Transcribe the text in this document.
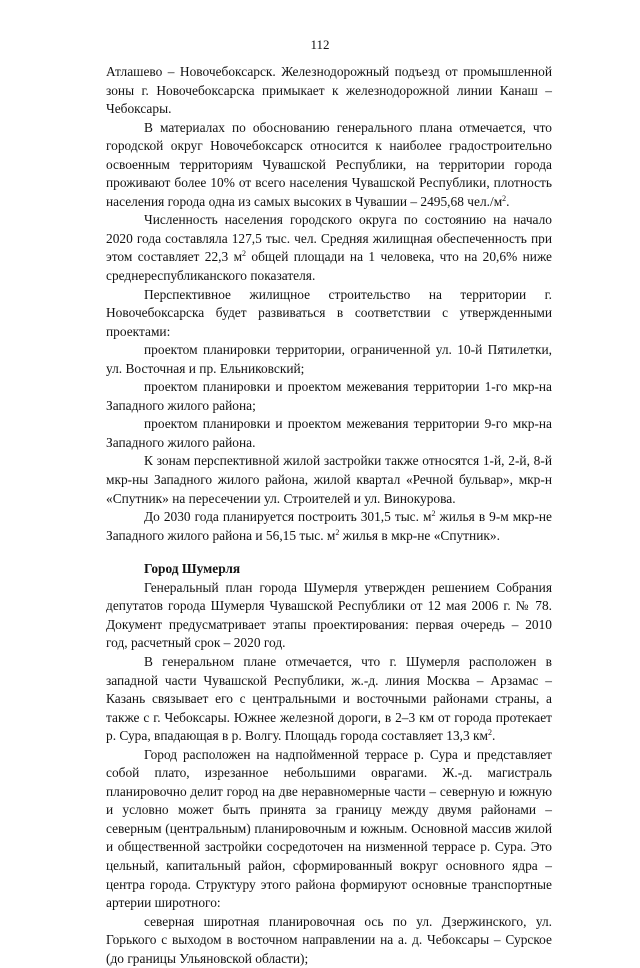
112

Атлашево – Новочебоксарск. Железнодорожный подъезд от промышленной зоны г. Новочебоксарска примыкает к железнодорожной линии Канаш – Чебоксары.

В материалах по обоснованию генерального плана отмечается, что городской округ Новочебоксарск относится к наиболее градостроительно освоенным территориям Чувашской Республики, на территории города проживают более 10% от всего населения Чувашской Республики, плотность населения города одна из самых высоких в Чувашии – 2495,68 $чел./м^2$.

Численность населения городского округа по состоянию на начало 2020 года составляла 127,5 тыс. чел. Средняя жилищная обеспеченность при этом составляет 22,3 $м^2$ общей площади на 1 человека, что на 20,6% ниже среднереспубликанского показателя.

Перспективное жилищное строительство на территории г. Новочебоксарска будет развиваться в соответствии с утвержденными проектами:

проектом планировки территории, ограниченной ул. 10-й Пятилетки, ул. Восточная и пр. Ельниковский;

проектом планировки и проектом межевания территории 1-го мкр-на Западного жилого района;

проектом планировки и проектом межевания территории 9-го мкр-на Западного жилого района.

К зонам перспективной жилой застройки также относятся 1-й, 2-й, 8-й мкр-ны Западного жилого района, жилой квартал «Речной бульвар», мкр-н «Спутник» на пересечении ул. Строителей и ул. Винокурова.

До 2030 года планируется построить 301,5 тыс. $м^2$ жилья в 9-м мкр-не Западного жилого района и 56,15 тыс. $м^2$ жилья в мкр-не «Спутник».

Город Шумерля

Генеральный план города Шумерля утвержден решением Собрания депутатов города Шумерля Чувашской Республики от 12 мая 2006 г. № 78. Документ предусматривает этапы проектирования: первая очередь – 2010 год, расчетный срок – 2020 год.

В генеральном плане отмечается, что г. Шумерля расположен в западной части Чувашской Республики, ж.-д. линия Москва – Арзамас – Казань связывает его с центральными и восточными районами страны, а также с г. Чебоксары. Южнее железной дороги, в 2–3 км от города протекает р. Сура, впадающая в р. Волгу. Площадь города составляет 13,3 $км^2$.

Город расположен на надпойменной террасе р. Сура и представляет собой плато, изрезанное небольшими оврагами. Ж.-д. магистраль планировочно делит город на две неравномерные части – северную и южную и условно может быть принята за границу между двумя районами – северным (центральным) планировочным и южным. Основной массив жилой и общественной застройки сосредоточен на низменной террасе р. Сура. Это цельный, капитальный район, сформированный вокруг основного ядра – центра города. Структуру этого района формируют основные транспортные артерии широтного:

северная широтная планировочная ось по ул. Дзержинского, ул. Горького с выходом в восточном направлении на а. д. Чебоксары – Сурское (до границы Ульяновской области);
